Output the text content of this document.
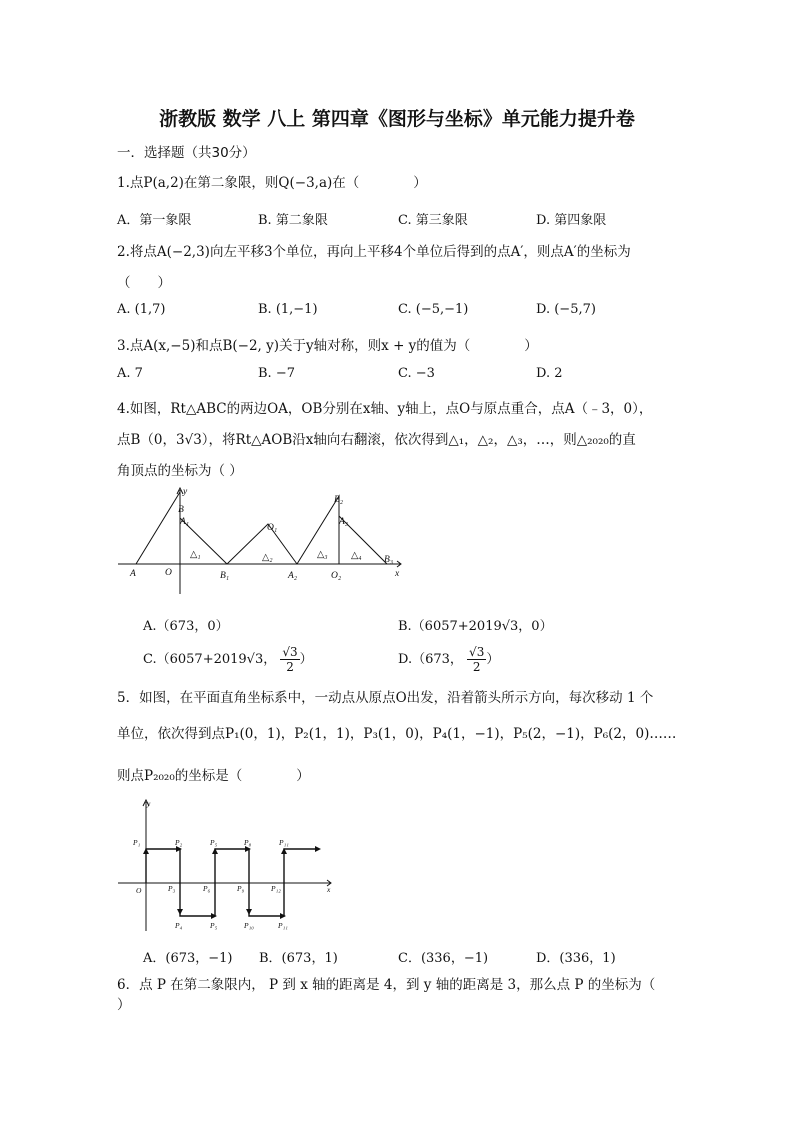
浙教版 数学 八上 第四章《图形与坐标》单元能力提升卷
一．选择题（共30分）
1.点P(a,2)在第二象限，则Q(−3,a)在（　　　　）
A．第一象限	B. 第二象限	C. 第三象限	D. 第四象限
2.将点A(−2,3)向左平移3个单位，再向上平移4个单位后得到的点A′，则点A′的坐标为
（　　）
A. (1,7)	B. (1,−1)	C. (−5,−1)	D. (−5,7)
3.点A(x,−5)和点B(−2, y)关于y轴对称，则x + y的值为（　　　　）
A. 7	B. −7	C. −3	D. 2
4.如图，Rt△ABC的两边OA，OB分别在x轴、y轴上，点O与原点重合，点A（﹣3，0），
点B（0，3√3），将Rt△AOB沿x轴向右翻滚，依次得到△₁，△₂，△₃，…，则△₂₀₂₀的直
角顶点的坐标为（ ）
A	O
B
A₁
B₁
O₁
A₂	O₂
B₂
A₃
B₃
△₁	△₂	△₃ △₄
x
y
A.（673，0）	B.（6057+2019√3，0）
C.（6057+2019√3， $\frac{√3}{2}$ ）	D.（673， $\frac{√3}{2}$ ）
5．如图，在平面直角坐标系中，一动点从原点O出发，沿着箭头所示方向，每次移动 1 个
单位，依次得到点P₁(0，1)，P₂(1，1)，P₃(1，0)，P₄(1，−1)，P₅(2，−1)，P₆(2，0)……
则点P₂₀₂₀的坐标是（　　　　）
y
x
O
P₁	P₂	P₅	P₈	P₁₁
P₃	P₆	P₉	P₁₂
P₄	P₅	P₁₀	P₁₁
A．(673，−1) B．(673，1)	C．(336，−1)	D．(336，1)
6．点 P 在第二象限内， P 到 x 轴的距离是 4，到 y 轴的距离是 3，那么点 P 的坐标为（
）
